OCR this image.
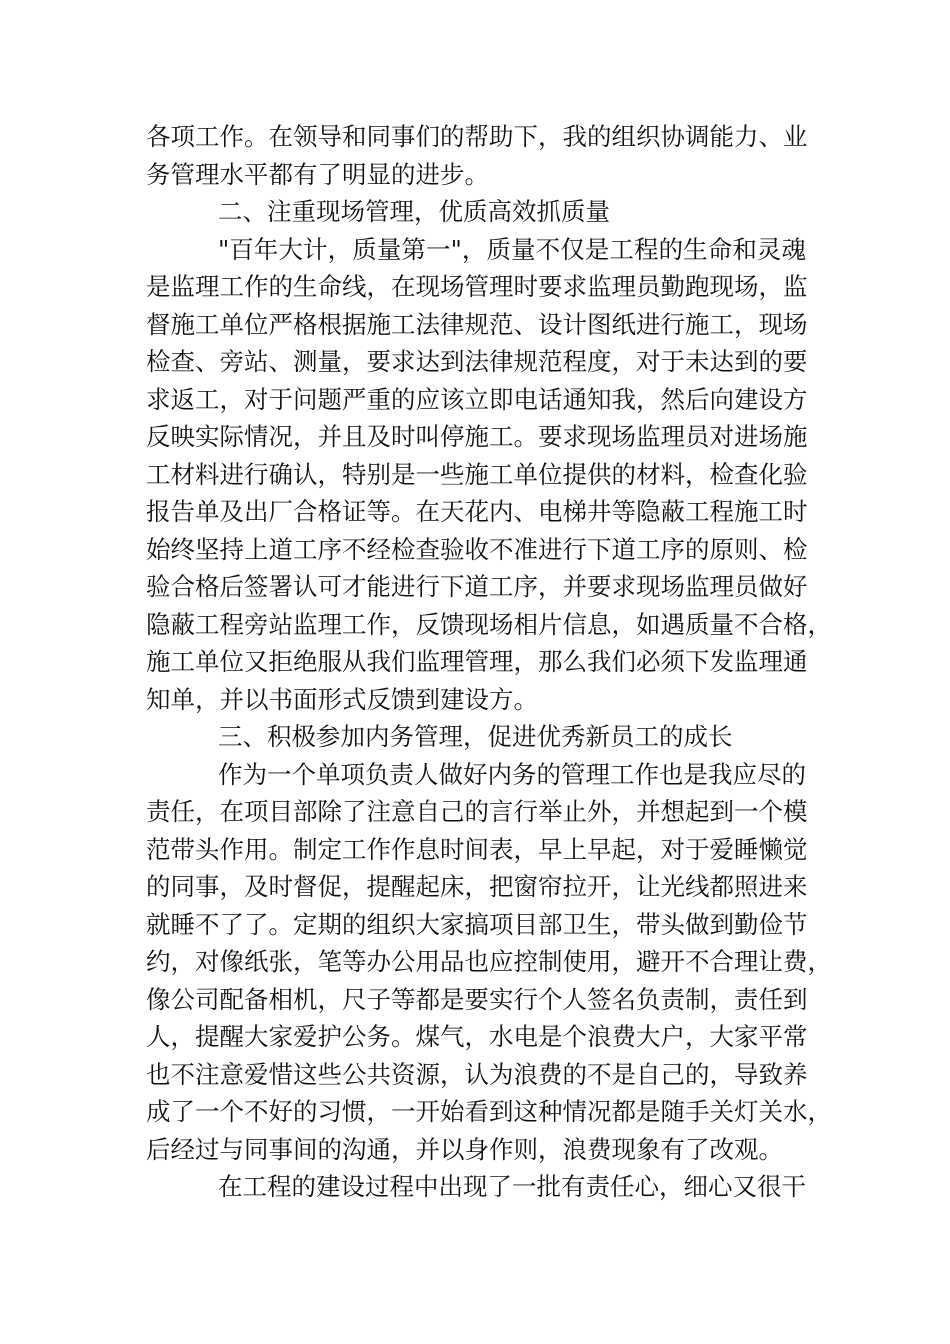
各项工作。在领导和同事们的帮助下，我的组织协调能力、业
务管理水平都有了明显的进步。
二、注重现场管理，优质高效抓质量
"百年大计，质量第一"，质量不仅是工程的生命和灵魂
是监理工作的生命线，在现场管理时要求监理员勤跑现场，监
督施工单位严格根据施工法律规范、设计图纸进行施工，现场
检查、旁站、测量，要求达到法律规范程度，对于未达到的要
求返工，对于问题严重的应该立即电话通知我，然后向建设方
反映实际情况，并且及时叫停施工。要求现场监理员对进场施
工材料进行确认，特别是一些施工单位提供的材料，检查化验
报告单及出厂合格证等。在天花内、电梯井等隐蔽工程施工时
始终坚持上道工序不经检查验收不准进行下道工序的原则、检
验合格后签署认可才能进行下道工序，并要求现场监理员做好
隐蔽工程旁站监理工作，反馈现场相片信息，如遇质量不合格，
施工单位又拒绝服从我们监理管理，那么我们必须下发监理通
知单，并以书面形式反馈到建设方。
三、积极参加内务管理，促进优秀新员工的成长
作为一个单项负责人做好内务的管理工作也是我应尽的
责任，在项目部除了注意自己的言行举止外，并想起到一个模
范带头作用。制定工作作息时间表，早上早起，对于爱睡懒觉
的同事，及时督促，提醒起床，把窗帘拉开，让光线都照进来
就睡不了了。定期的组织大家搞项目部卫生，带头做到勤俭节
约，对像纸张，笔等办公用品也应控制使用，避开不合理让费，
像公司配备相机，尺子等都是要实行个人签名负责制，责任到
人，提醒大家爱护公务。煤气，水电是个浪费大户，大家平常
也不注意爱惜这些公共资源，认为浪费的不是自己的，导致养
成了一个不好的习惯，一开始看到这种情况都是随手关灯关水，
后经过与同事间的沟通，并以身作则，浪费现象有了改观。
在工程的建设过程中出现了一批有责任心，细心又很干
